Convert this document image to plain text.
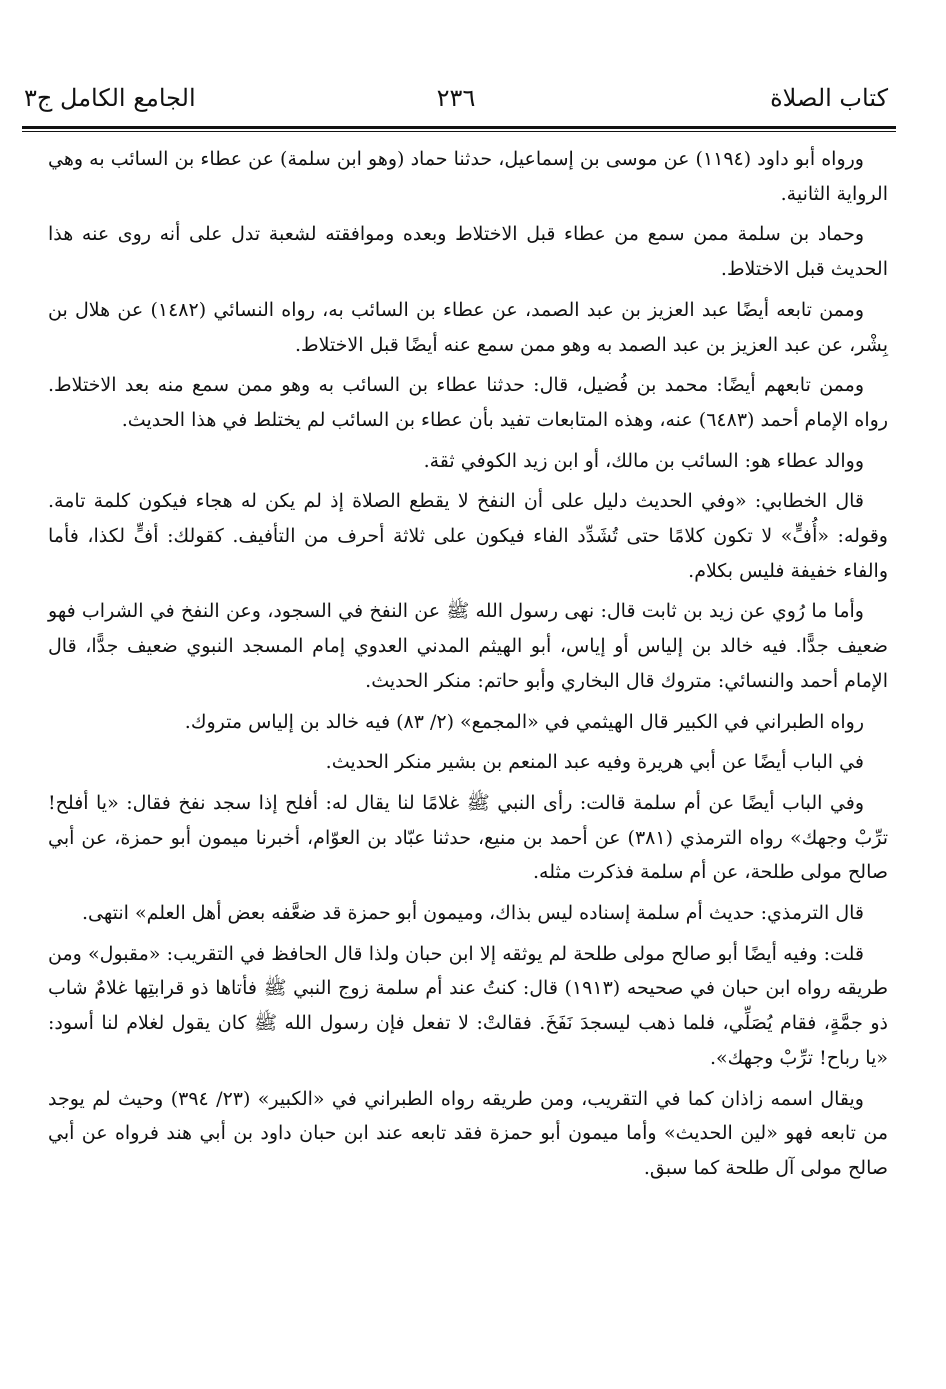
كتاب الصلاة
٢٣٦
الجامع الكامل ج٣

ورواه أبو داود (١١٩٤) عن موسى بن إسماعيل، حدثنا حماد (وهو ابن سلمة) عن عطاء بن السائب به وهي الرواية الثانية.

وحماد بن سلمة ممن سمع من عطاء قبل الاختلاط وبعده وموافقته لشعبة تدل على أنه روى عنه هذا الحديث قبل الاختلاط.

وممن تابعه أيضًا عبد العزيز بن عبد الصمد، عن عطاء بن السائب به، رواه النسائي (١٤٨٢) عن هلال بن بِشْر، عن عبد العزيز بن عبد الصمد به وهو ممن سمع عنه أيضًا قبل الاختلاط.

وممن تابعهم أيضًا: محمد بن فُضيل، قال: حدثنا عطاء بن السائب به وهو ممن سمع منه بعد الاختلاط. رواه الإمام أحمد (٦٤٨٣) عنه، وهذه المتابعات تفيد بأن عطاء بن السائب لم يختلط في هذا الحديث.

ووالد عطاء هو: السائب بن مالك، أو ابن زيد الكوفي ثقة.

قال الخطابي: «وفي الحديث دليل على أن النفخ لا يقطع الصلاة إذ لم يكن له هجاء فيكون كلمة تامة. وقوله: «أُفٍّ» لا تكون كلامًا حتى تُشَدِّد الفاء فيكون على ثلاثة أحرف من التأفيف. كقولك: أفٍّ لكذا، فأما والفاء خفيفة فليس بكلام.

وأما ما رُوي عن زيد بن ثابت قال: نهى رسول الله ﷺ عن النفخ في السجود، وعن النفخ في الشراب فهو ضعيف جدًّا. فيه خالد بن إلياس أو إياس، أبو الهيثم المدني العدوي إمام المسجد النبوي ضعيف جدًّا، قال الإمام أحمد والنسائي: متروك قال البخاري وأبو حاتم: منكر الحديث.

رواه الطبراني في الكبير قال الهيثمي في «المجمع» (٢/ ٨٣) فيه خالد بن إلياس متروك.

في الباب أيضًا عن أبي هريرة وفيه عبد المنعم بن بشير منكر الحديث.

وفي الباب أيضًا عن أم سلمة قالت: رأى النبي ﷺ غلامًا لنا يقال له: أفلح إذا سجد نفخ فقال: «يا أفلح! ترِّبْ وجهك» رواه الترمذي (٣٨١) عن أحمد بن منيع، حدثنا عبّاد بن العوّام، أخبرنا ميمون أبو حمزة، عن أبي صالح مولى طلحة، عن أم سلمة فذكرت مثله.

قال الترمذي: حديث أم سلمة إسناده ليس بذاك، وميمون أبو حمزة قد ضعَّفه بعض أهل العلم» انتهى.

قلت: وفيه أيضًا أبو صالح مولى طلحة لم يوثقه إلا ابن حبان ولذا قال الحافظ في التقريب: «مقبول» ومن طريقه رواه ابن حبان في صحيحه (١٩١٣) قال: كنتُ عند أم سلمة زوج النبي ﷺ فأتاها ذو قرابتِها غلامٌ شاب ذو جمَّةٍ، فقام يُصَلِّي، فلما ذهب ليسجدَ نَفَخَ. فقالتْ: لا تفعل فإن رسول الله ﷺ كان يقول لغلام لنا أسود: «يا رباح! ترِّبْ وجهك».

ويقال اسمه زاذان كما في التقريب، ومن طريقه رواه الطبراني في «الكبير» (٢٣/ ٣٩٤) وحيث لم يوجد من تابعه فهو «لين الحديث» وأما ميمون أبو حمزة فقد تابعه عند ابن حبان داود بن أبي هند فرواه عن أبي صالح مولى آل طلحة كما سبق.
